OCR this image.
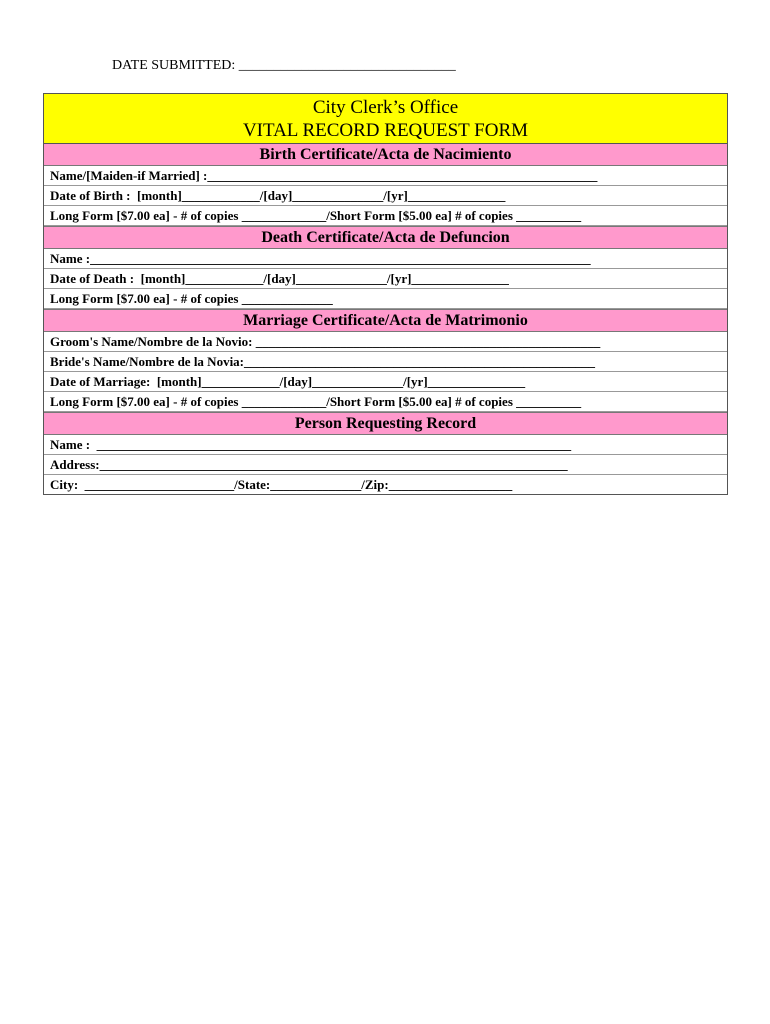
DATE SUBMITTED: _______________________________
City Clerk’s Office
VITAL RECORD REQUEST FORM
Birth Certificate/Acta de Nacimiento
Name/[Maiden-if Married] :____________________________________________________________
Date of Birth :  [month]____________/[day]______________/[yr]_______________
Long Form [$7.00 ea] - # of copies _____________/Short Form [$5.00 ea] # of copies __________
Death Certificate/Acta de Defuncion
Name :_____________________________________________________________________________
Date of Death :  [month]____________/[day]______________/[yr]_______________
Long Form [$7.00 ea] - # of copies ______________
Marriage Certificate/Acta de Matrimonio
Groom's Name/Nombre de la Novio: _____________________________________________________
Bride's Name/Nombre de la Novia:______________________________________________________
Date of Marriage:  [month]____________/[day]______________/[yr]_______________
Long Form [$7.00 ea] - # of copies _____________/Short Form [$5.00 ea] # of copies __________
Person Requesting Record
Name :  _________________________________________________________________________
Address:________________________________________________________________________
City:  _______________________/State:______________/Zip:___________________
